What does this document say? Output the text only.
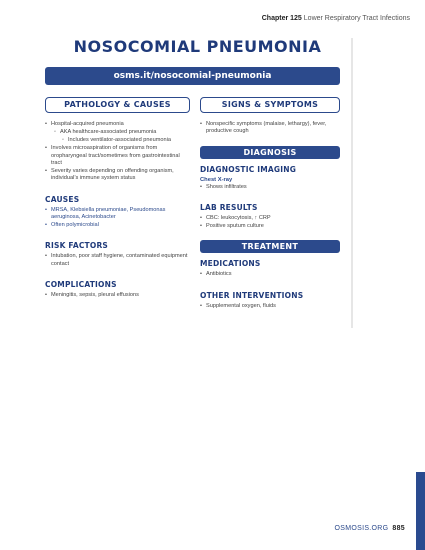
Chapter 125 Lower Respiratory Tract Infections
NOSOCOMIAL PNEUMONIA
osms.it/nosocomial-pneumonia
PATHOLOGY & CAUSES
• Hospital-acquired pneumonia
◦ AKA healthcare-associated pneumonia
◦ Includes ventilator-associated pneumonia
• Involves microaspiration of organisms from oropharyngeal tract/sometimes from gastrointestinal tract
• Severity varies depending on offending organism, individual’s immune system status
CAUSES
• MRSA, Klebsiella pneumoniae, Pseudomonas aeruginosa, Acinetobacter
• Often polymicrobial
RISK FACTORS
• Intubation, poor staff hygiene, contaminated equipment contact
COMPLICATIONS
• Meningitis, sepsis, pleural effusions
SIGNS & SYMPTOMS
• Nonspecific symptoms (malaise, lethargy), fever, productive cough
DIAGNOSIS
DIAGNOSTIC IMAGING
Chest X-ray
• Shows infiltrates
LAB RESULTS
• CBC: leukocytosis, ↑ CRP
• Positive sputum culture
TREATMENT
MEDICATIONS
• Antibiotics
OTHER INTERVENTIONS
• Supplemental oxygen, fluids
OSMOSIS.ORG 885
